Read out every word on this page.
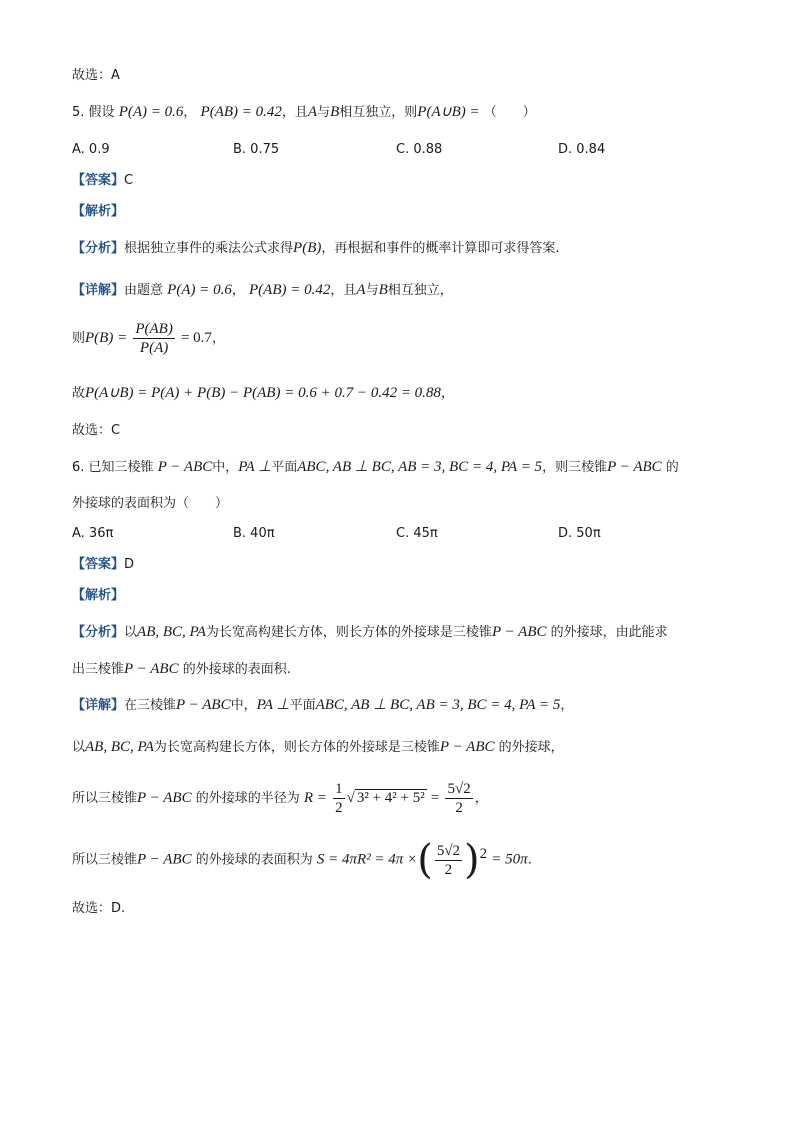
故选：A
5. 假设 P(A) = 0.6， P(AB) = 0.42，且A与B相互独立，则P(A∪B) = （　　）
A. 0.9	B. 0.75	C. 0.88	D. 0.84
【答案】C
【解析】
【分析】根据独立事件的乘法公式求得P(B)，再根据和事件的概率计算即可求得答案.
【详解】由题意 P(A) = 0.6， P(AB) = 0.42，且A与B相互独立，
则$P(B) = \frac{P(AB)}{P(A)} = 0.7$，
故P(A∪B) = P(A) + P(B) − P(AB) = 0.6 + 0.7 − 0.42 = 0.88，
故选：C
6. 已知三棱锥 P − ABC中，PA ⊥平面ABC, AB ⊥ BC, AB = 3, BC = 4, PA = 5，则三棱锥P − ABC 的
外接球的表面积为（　　）
A. 36π	B. 40π	C. 45π	D. 50π
【答案】D
【解析】
【分析】以AB, BC, PA为长宽高构建长方体，则长方体的外接球是三棱锥P − ABC 的外接球，由此能求
出三棱锥P − ABC 的外接球的表面积.
【详解】在三棱锥P − ABC中，PA ⊥平面ABC, AB ⊥ BC, AB = 3, BC = 4, PA = 5，
以AB, BC, PA为长宽高构建长方体，则长方体的外接球是三棱锥P − ABC 的外接球，
所以三棱锥P − ABC 的外接球的半径为 $R = \frac{1}{2}$ √ $3^2 + 4^2 + 5^2 = \frac{5√2}{2}$ ，
所以三棱锥P − ABC 的外接球的表面积为 S = 4πR² = 4π ×( $\frac{5√2}{2} )^2 = 50\pi$.
故选：D.
